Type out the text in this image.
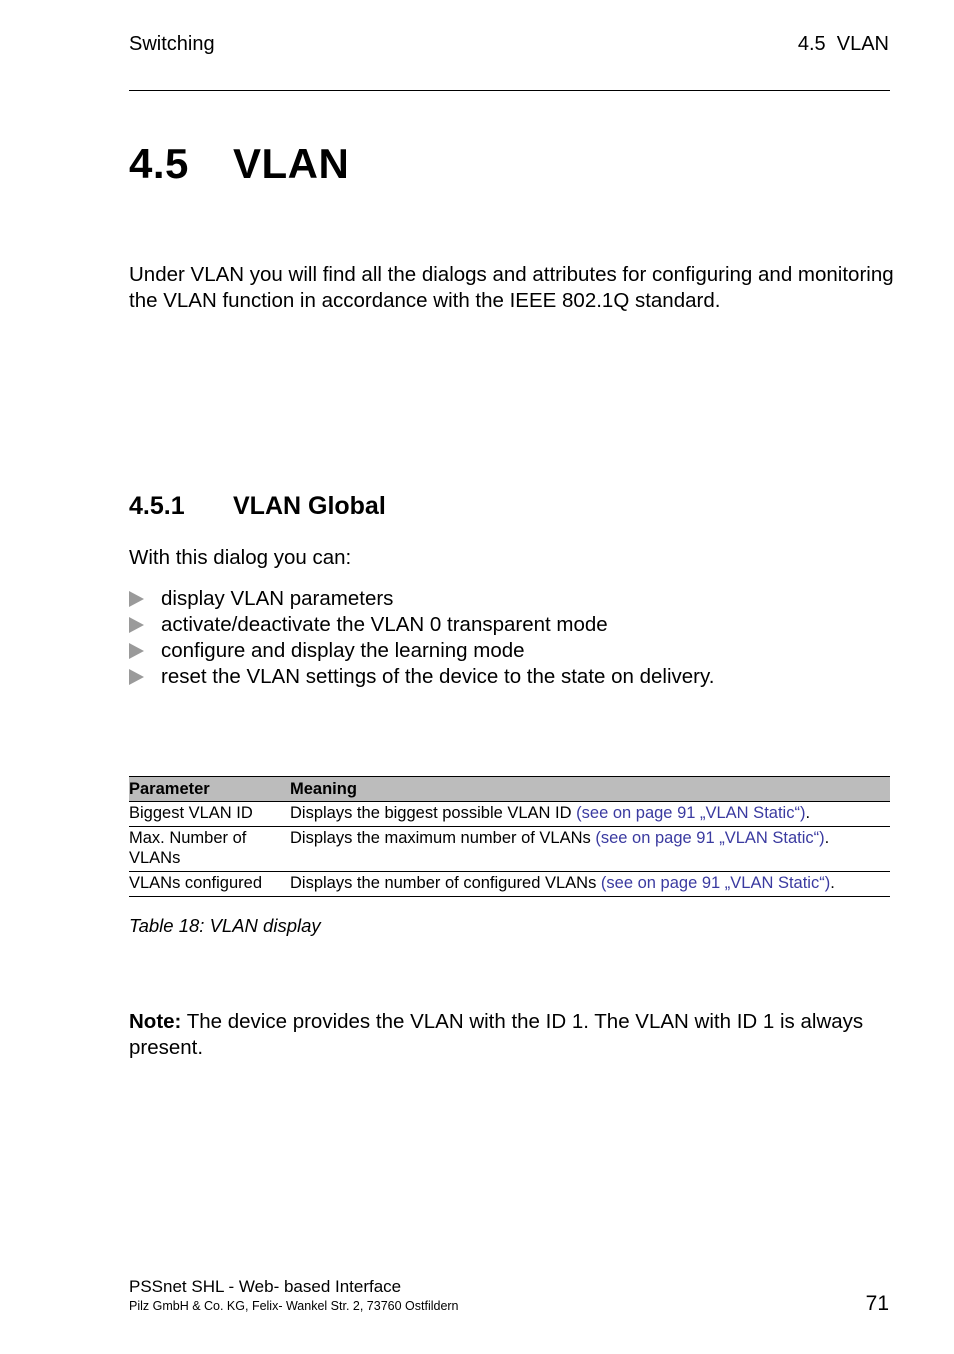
Switching	4.5  VLAN
4.5 VLAN
Under VLAN you will find all the dialogs and attributes for configuring and monitoring the VLAN function in accordance with the IEEE 802.1Q standard.
4.5.1 VLAN Global
With this dialog you can:
display VLAN parameters
activate/deactivate the VLAN 0 transparent mode
configure and display the learning mode
reset the VLAN settings of the device to the state on delivery.
Parameter	Meaning
Biggest VLAN ID	Displays the biggest possible VLAN ID (see on page 91 „VLAN Static“).
Max. Number of VLANs	Displays the maximum number of VLANs (see on page 91 „VLAN Static“).
VLANs configured	Displays the number of configured VLANs (see on page 91 „VLAN Static“).
Table 18: VLAN display
Note: The device provides the VLAN with the ID 1. The VLAN with ID 1 is always present.
PSSnet SHL - Web- based Interface
Pilz GmbH & Co. KG, Felix- Wankel Str. 2, 73760 Ostfildern	71
